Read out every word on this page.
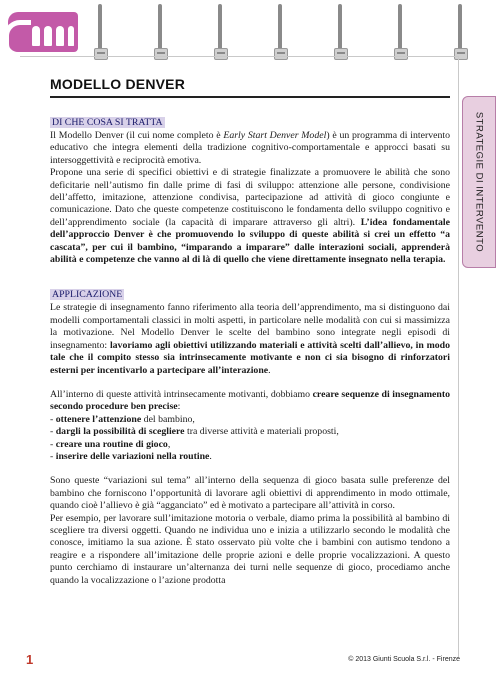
STRATEGIE DI INTERVENTO
MODELLO DENVER
DI CHE COSA SI TRATTA

Il Modello Denver (il cui nome completo è Early Start Denver Model) è un programma di intervento educativo che integra elementi della tradizione cognitivo-comportamentale e approcci basati su intersoggettività e reciprocità emotiva.

Propone una serie di specifici obiettivi e di strategie finalizzate a promuovere le abilità che sono deficitarie nell’autismo fin dalle prime di fasi di sviluppo: attenzione alle persone, condivisione dell’affetto, imitazione, attenzione condivisa, partecipazione ad attività di gioco congiunte e comunicazione. Dato che queste competenze costituiscono le fondamenta dello sviluppo cognitivo e dell’apprendimento sociale (la capacità di imparare attraverso gli altri). L’idea fondamentale dell’approccio Denver è che promuovendo lo sviluppo di queste abilità si crei un effetto “a cascata”, per cui il bambino, “imparando a imparare” dalle interazioni sociali, apprenderà abilità e competenze che vanno al di là di quello che viene direttamente insegnato nella terapia.

APPLICAZIONE

Le strategie di insegnamento fanno riferimento alla teoria dell’apprendimento, ma si distinguono dai modelli comportamentali classici in molti aspetti, in particolare nelle modalità con cui si massimizza la motivazione. Nel Modello Denver le scelte del bambino sono integrate negli episodi di insegnamento: lavoriamo agli obiettivi utilizzando materiali e attività scelti dall’allievo, in modo tale che il compito stesso sia intrinsecamente motivante e non ci sia bisogno di rinforzatori esterni per incentivarlo a partecipare all’interazione.

All’interno di queste attività intrinsecamente motivanti, dobbiamo creare sequenze di insegnamento secondo procedure ben precise:

- ottenere l’attenzione del bambino,
- dargli la possibilità di scegliere tra diverse attività e materiali proposti,
- creare una routine di gioco,
- inserire delle variazioni nella routine.

Sono queste “variazioni sul tema” all’interno della sequenza di gioco basata sulle preferenze del bambino che forniscono l’opportunità di lavorare agli obiettivi di apprendimento in modo ottimale, quando cioè l’allievo è già “agganciato” ed è motivato a partecipare all’attività in corso.

Per esempio, per lavorare sull’imitazione motoria o verbale, diamo prima la possibilità al bambino di scegliere tra diversi oggetti. Quando ne individua uno e inizia a utilizzarlo secondo le modalità che conosce, imitiamo la sua azione. È stato osservato più volte che i bambini con autismo tendono a reagire e a rispondere all’imitazione delle proprie azioni e delle proprie vocalizzazioni. A questo punto cerchiamo di instaurare un’alternanza dei turni nelle sequenze di gioco, procediamo anche quando la vocalizzazione o l’azione prodotta

1	© 2013 Giunti Scuola S.r.l. - Firenze
